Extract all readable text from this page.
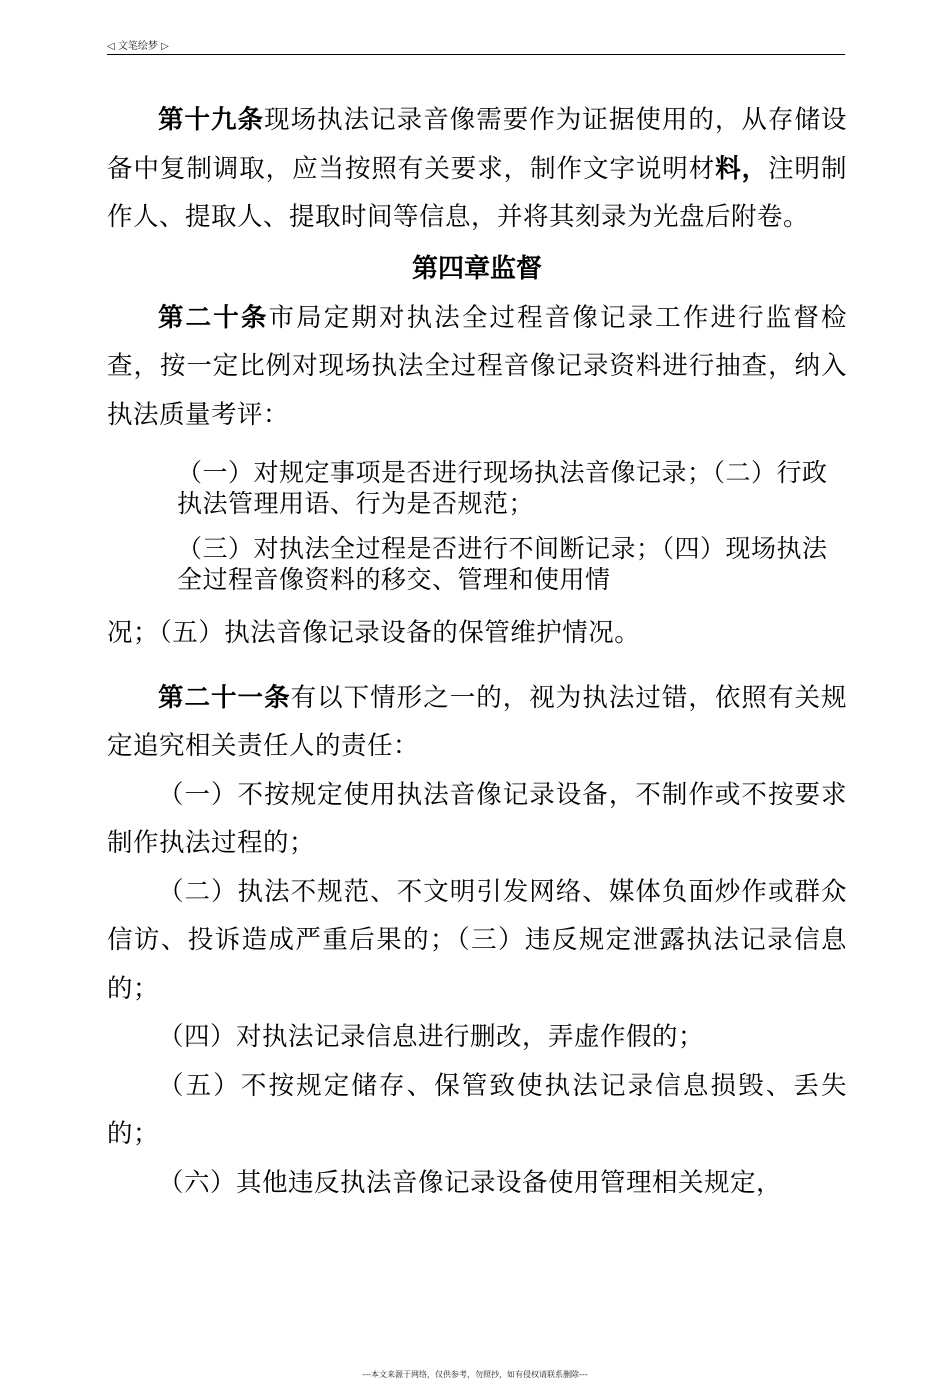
◁ 文笔绘梦 ▷

第十九条现场执法记录音像需要作为证据使用的，从存储设备中复制调取，应当按照有关要求，制作文字说明材料，注明制作人、提取人、提取时间等信息，并将其刻录为光盘后附卷。

第四章监督

第二十条市局定期对执法全过程音像记录工作进行监督检查，按一定比例对现场执法全过程音像记录资料进行抽查，纳入执法质量考评：

（一）对规定事项是否进行现场执法音像记录；（二）行政执法管理用语、行为是否规范；
（三）对执法全过程是否进行不间断记录；（四）现场执法全过程音像资料的移交、管理和使用情
况；（五）执法音像记录设备的保管维护情况。

第二十一条有以下情形之一的，视为执法过错，依照有关规定追究相关责任人的责任：

（一）不按规定使用执法音像记录设备，不制作或不按要求制作执法过程的；

（二）执法不规范、不文明引发网络、媒体负面炒作或群众信访、投诉造成严重后果的；（三）违反规定泄露执法记录信息的；

（四）对执法记录信息进行删改，弄虚作假的；

（五）不按规定储存、保管致使执法记录信息损毁、丢失的；

（六）其他违反执法音像记录设备使用管理相关规定，

---本文来源于网络，仅供参考，勿照抄，如有侵权请联系删除---
